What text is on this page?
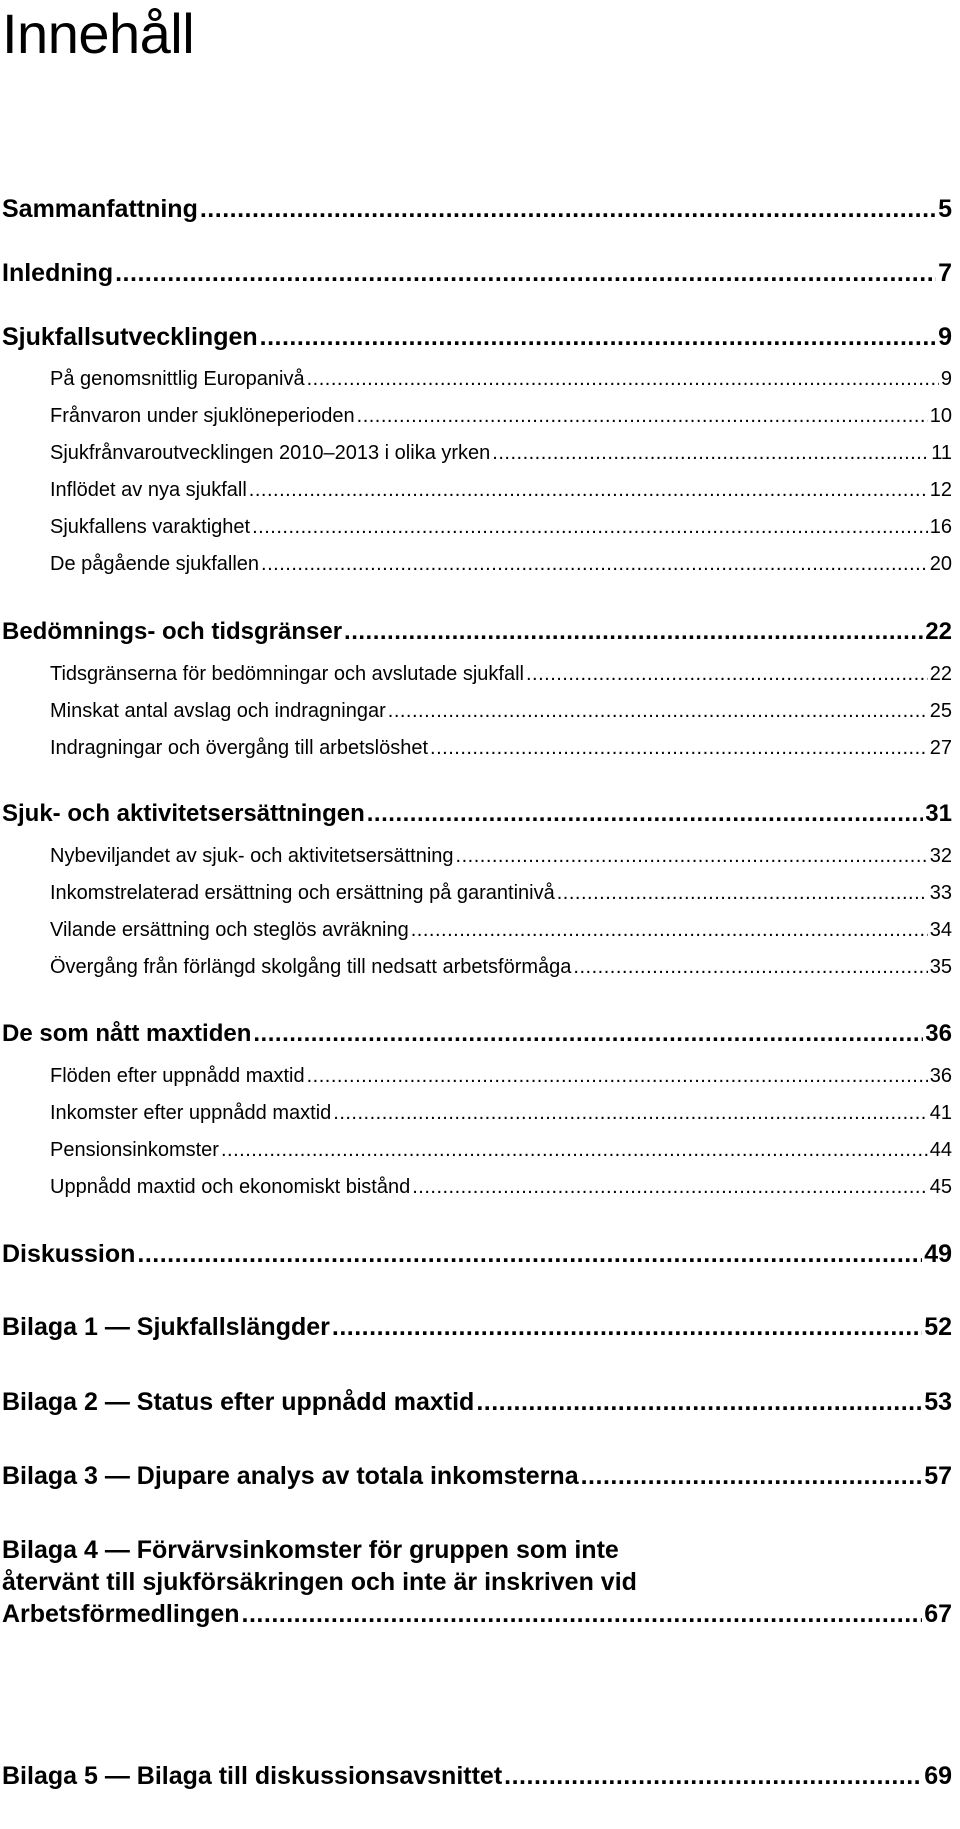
Innehåll
Sammanfattning .....	5
Inledning .....	7
Sjukfallsutvecklingen .....	9
På genomsnittlig Europanivå .....	9
Frånvaron under sjuklöneperioden .....	10
Sjukfrånvaroutvecklingen 2010–2013 i olika yrken .....	11
Inflödet av nya sjukfall .....	12
Sjukfallens varaktighet .....	16
De pågående sjukfallen .....	20
Bedömnings- och tidsgränser .....	22
Tidsgränserna för bedömningar och avslutade sjukfall .....	22
Minskat antal avslag och indragningar .....	25
Indragningar och övergång till arbetslöshet .....	27
Sjuk- och aktivitetsersättningen .....	31
Nybeviljandet av sjuk- och aktivitetsersättning .....	32
Inkomstrelaterad ersättning och ersättning på garantinivå .....	33
Vilande ersättning och steglös avräkning .....	34
Övergång från förlängd skolgång till nedsatt arbetsförmåga .....	35
De som nått maxtiden .....	36
Flöden efter uppnådd maxtid .....	36
Inkomster efter uppnådd maxtid .....	41
Pensionsinkomster .....	44
Uppnådd maxtid och ekonomiskt bistånd .....	45
Diskussion .....	49
Bilaga 1 — Sjukfallslängder .....	52
Bilaga 2 — Status efter uppnådd maxtid .....	53
Bilaga 3 — Djupare analys av totala inkomsterna .....	57
Bilaga 4 — Förvärvsinkomster för gruppen som inte
återvänt till sjukförsäkringen och inte är inskriven vid
Arbetsförmedlingen .....	67
Bilaga 5 — Bilaga till diskussionsavsnittet .....	69
